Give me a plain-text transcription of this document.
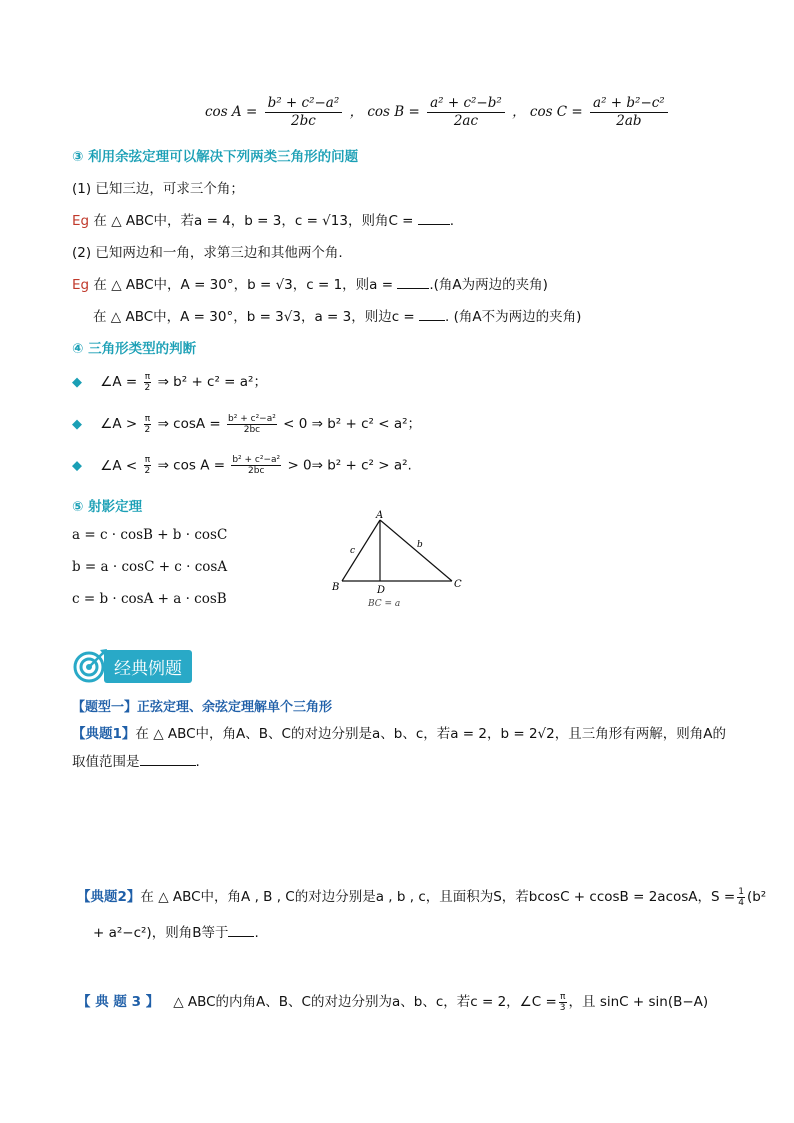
$\cos A = \frac{\text{b² + c²−a²}}{2bc}$ ， $\cos B = \frac{\text{a² + c²−b²}}{2ac}$ ， $\cos C = \frac{\text{a² + b²−c²}}{2ab}$
③ 利用余弦定理可以解决下列两类三角形的问题
(1) 已知三边，可求三个角；
Eg 在 △ ABC中，若a = 4，b = 3，c = √13，则角C =	.
(2) 已知两边和一角，求第三边和其他两个角.
Eg 在 △ ABC中，A = 30°，b = √3，c = 1，则a =	.(角A为两边的夹角)
在 △ ABC中，A = 30°，b = 3√3，a = 3，则边c = . (角A不为两边的夹角)
④ 三角形类型的判断
◆ ∠A = $\frac{\pi}{2}$ ⇒ b² + c² = a²；
◆ ∠A > $\frac{\pi}{2}$ ⇒ $\cos A = \frac{\text{b² + c²−a²}}{2bc} < 0$ ⇒ b² + c² < a²；
◆ ∠A < $\frac{\pi}{2}$ ⇒ $\cos A = \frac{\text{b² + c²−a²}}{2bc}$ > 0⇒ b² + c² > a².
⑤ 射影定理
a = c · cosB + b · cosC
b = a · cosC + c · cosA
c = b · cosA + a · cosB
A
B	C
D
c
b
BC = a
经典例题
【题型一】正弦定理、余弦定理解单个三角形
【典题1】在 △ ABC中，角A、B、C的对边分别是a、b、c，若a = 2，b = 2√2，且三角形有两解，则角A的
取值范围是	.
【典题2】在 △ ABC中，角A , B , C的对边分别是a , b , c，且面积为S，若bcosC + ccosB = 2acosA，$S = \frac{1}{4} (b^2$
+ a²−c²)，则角B等于 .
【 典 题 3 】 △ ABC的内角A、B、C的对边分别为a、b、c，若c = 2，∠C = $\frac{\pi}{3}$ ，且 sinC + sin(B−A)
